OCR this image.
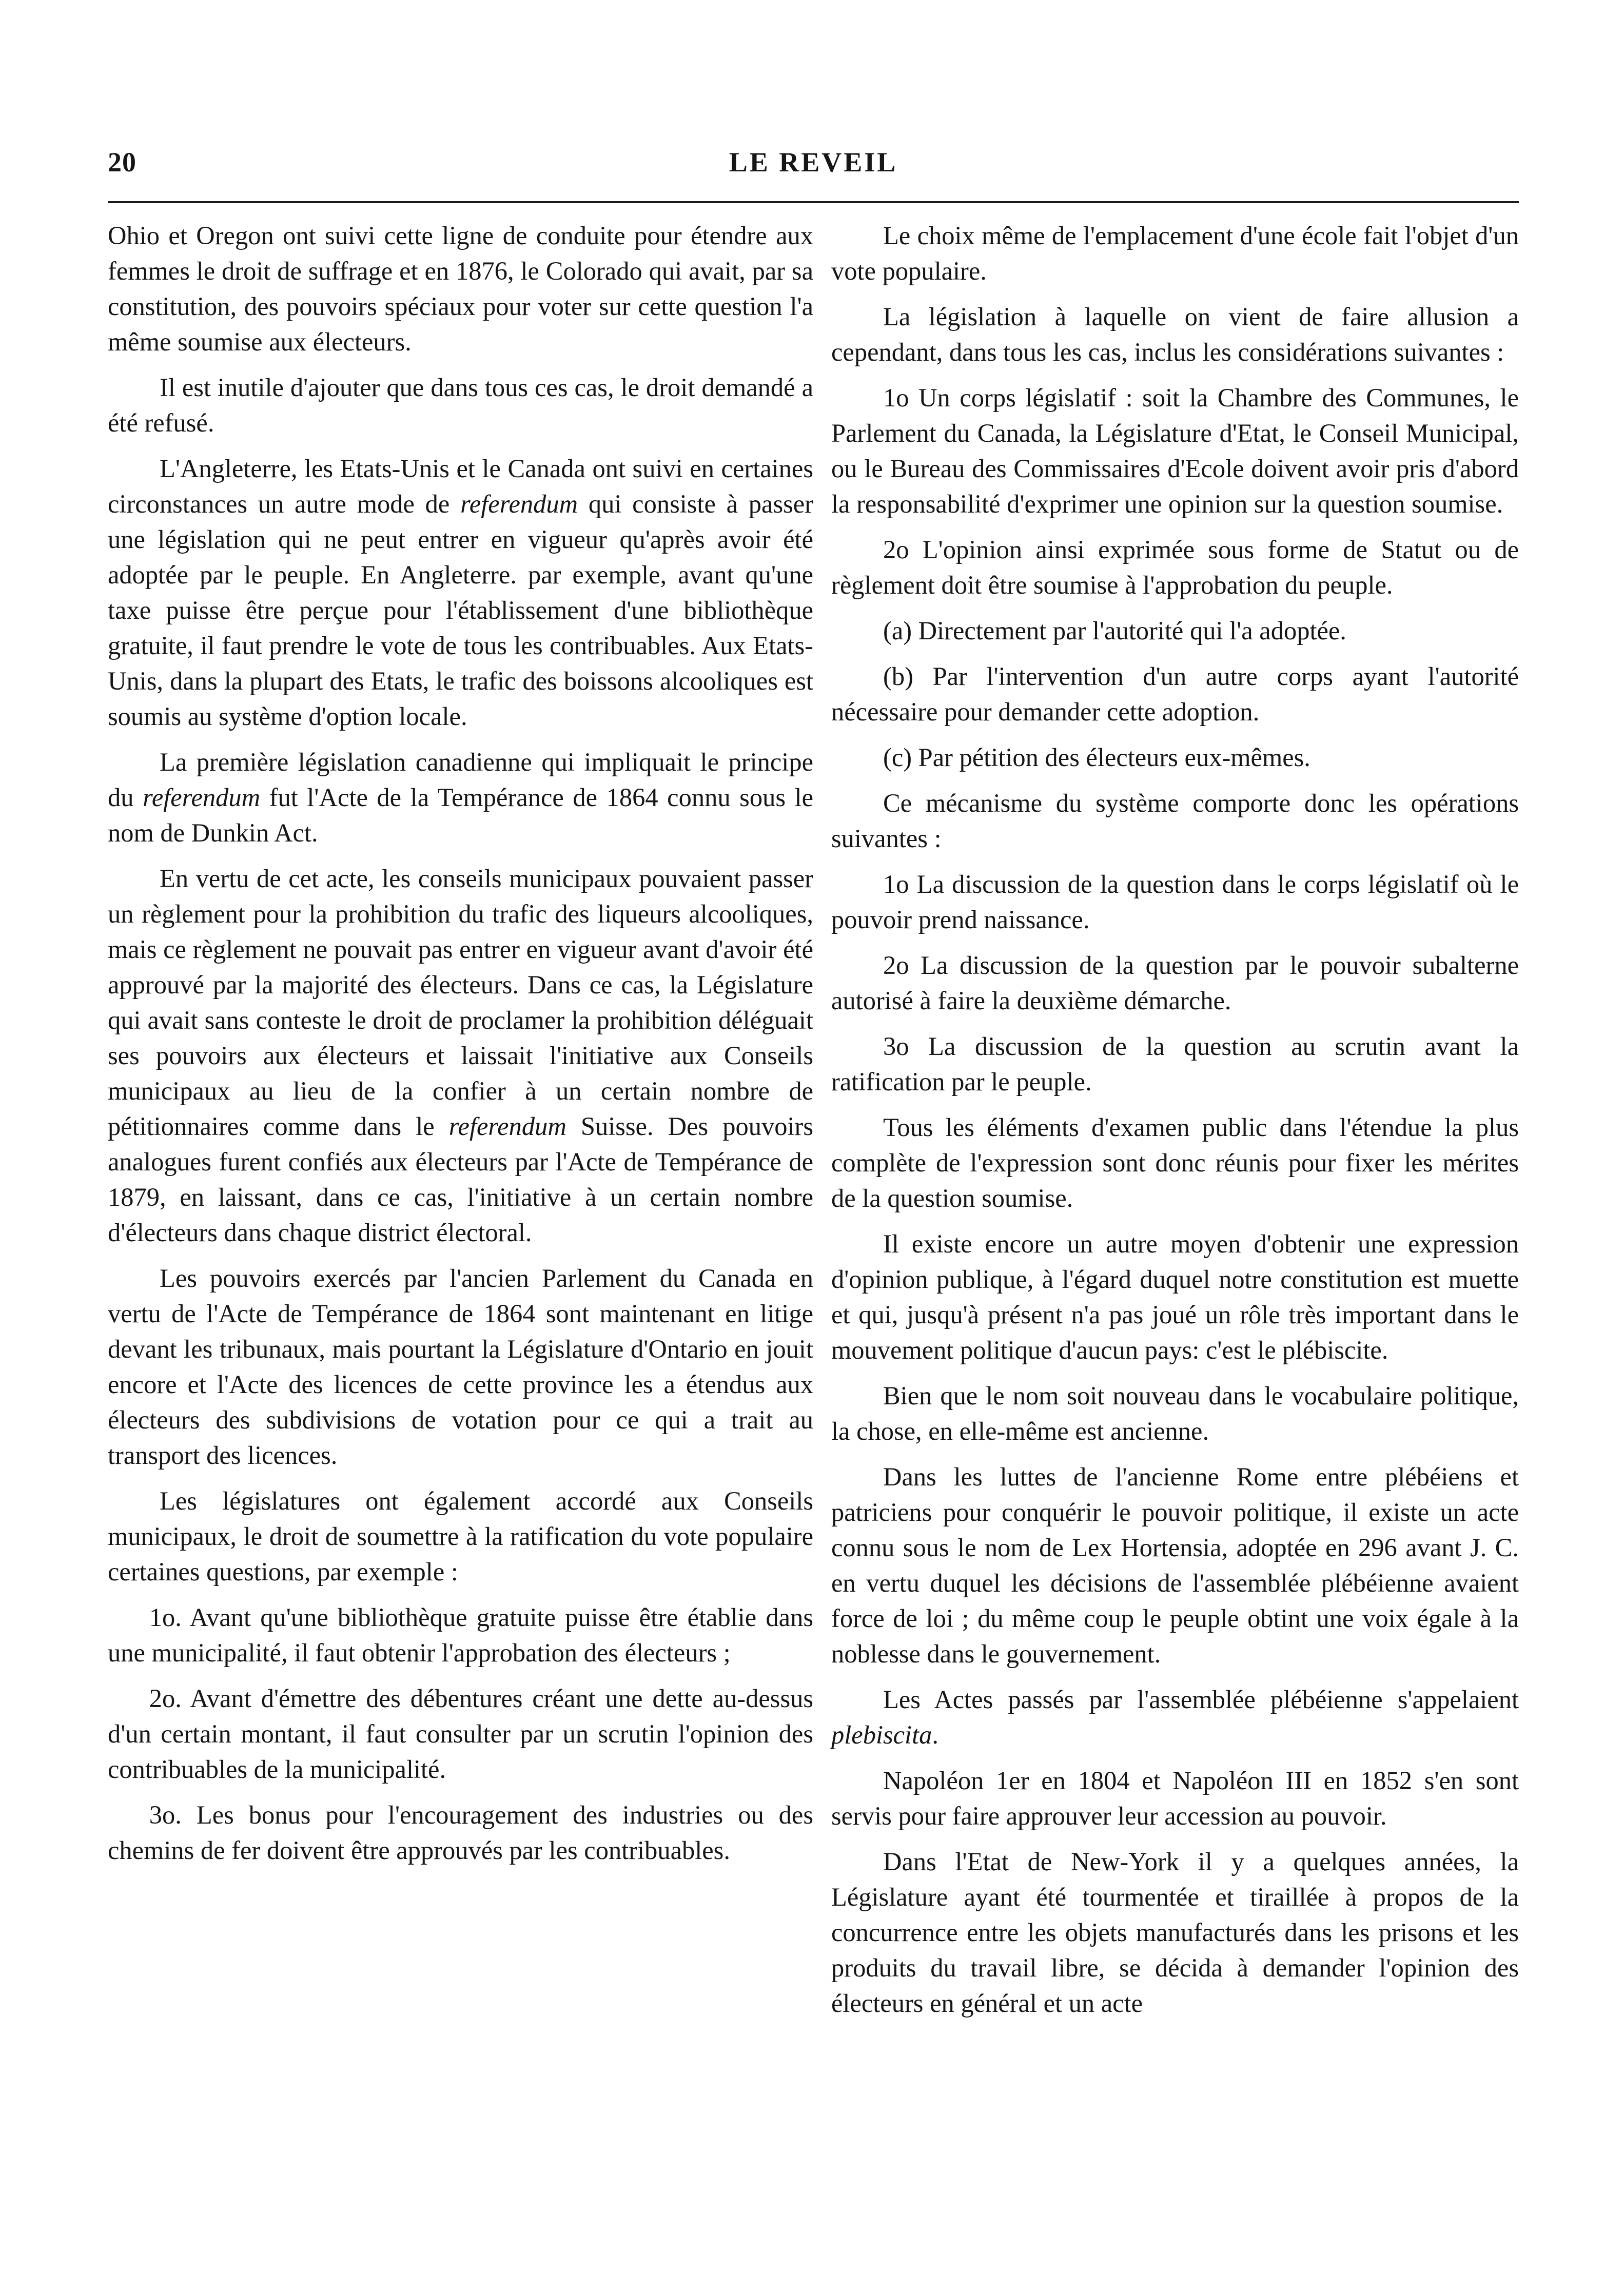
20	LE REVEIL

Ohio et Oregon ont suivi cette ligne de conduite pour étendre aux femmes le droit de suffrage et en 1876, le Colorado qui avait, par sa constitution, des pouvoirs spéciaux pour voter sur cette question l'a même soumise aux électeurs.

Il est inutile d'ajouter que dans tous ces cas, le droit demandé a été refusé.

L'Angleterre, les Etats-Unis et le Canada ont suivi en certaines circonstances un autre mode de referendum qui consiste à passer une législation qui ne peut entrer en vigueur qu'après avoir été adoptée par le peuple. En Angleterre. par exemple, avant qu'une taxe puisse être perçue pour l'établissement d'une bibliothèque gratuite, il faut prendre le vote de tous les contribuables. Aux Etats-Unis, dans la plupart des Etats, le trafic des boissons alcooliques est soumis au système d'option locale.

La première législation canadienne qui impliquait le principe du referendum fut l'Acte de la Tempérance de 1864 connu sous le nom de Dunkin Act.

En vertu de cet acte, les conseils municipaux pouvaient passer un règlement pour la prohibition du trafic des liqueurs alcooliques, mais ce règlement ne pouvait pas entrer en vigueur avant d'avoir été approuvé par la majorité des électeurs. Dans ce cas, la Législature qui avait sans conteste le droit de proclamer la prohibition déléguait ses pouvoirs aux électeurs et laissait l'initiative aux Conseils municipaux au lieu de la confier à un certain nombre de pétitionnaires comme dans le referendum Suisse. Des pouvoirs analogues furent confiés aux électeurs par l'Acte de Tempérance de 1879, en laissant, dans ce cas, l'initiative à un certain nombre d'électeurs dans chaque district électoral.

Les pouvoirs exercés par l'ancien Parlement du Canada en vertu de l'Acte de Tempérance de 1864 sont maintenant en litige devant les tribunaux, mais pourtant la Législature d'Ontario en jouit encore et l'Acte des licences de cette province les a étendus aux électeurs des subdivisions de votation pour ce qui a trait au transport des licences.

Les législatures ont également accordé aux Conseils municipaux, le droit de soumettre à la ratification du vote populaire certaines questions, par exemple :

1o. Avant qu'une bibliothèque gratuite puisse être établie dans une municipalité, il faut obtenir l'approbation des électeurs ;

2o. Avant d'émettre des débentures créant une dette au-dessus d'un certain montant, il faut consulter par un scrutin l'opinion des contribuables de la municipalité.

3o. Les bonus pour l'encouragement des industries ou des chemins de fer doivent être approuvés par les contribuables.

Le choix même de l'emplacement d'une école fait l'objet d'un vote populaire.

La législation à laquelle on vient de faire allusion a cependant, dans tous les cas, inclus les considérations suivantes :

1o Un corps législatif : soit la Chambre des Communes, le Parlement du Canada, la Législature d'Etat, le Conseil Municipal, ou le Bureau des Commissaires d'Ecole doivent avoir pris d'abord la responsabilité d'exprimer une opinion sur la question soumise.

2o L'opinion ainsi exprimée sous forme de Statut ou de règlement doit être soumise à l'approbation du peuple.

(a) Directement par l'autorité qui l'a adoptée.

(b) Par l'intervention d'un autre corps ayant l'autorité nécessaire pour demander cette adoption.

(c) Par pétition des électeurs eux-mêmes.

Ce mécanisme du système comporte donc les opérations suivantes :

1o La discussion de la question dans le corps législatif où le pouvoir prend naissance.

2o La discussion de la question par le pouvoir subalterne autorisé à faire la deuxième démarche.

3o La discussion de la question au scrutin avant la ratification par le peuple.

Tous les éléments d'examen public dans l'étendue la plus complète de l'expression sont donc réunis pour fixer les mérites de la question soumise.

Il existe encore un autre moyen d'obtenir une expression d'opinion publique, à l'égard duquel notre constitution est muette et qui, jusqu'à présent n'a pas joué un rôle très important dans le mouvement politique d'aucun pays: c'est le plébiscite.

Bien que le nom soit nouveau dans le vocabulaire politique, la chose, en elle-même est ancienne.

Dans les luttes de l'ancienne Rome entre plébéiens et patriciens pour conquérir le pouvoir politique, il existe un acte connu sous le nom de Lex Hortensia, adoptée en 296 avant J. C. en vertu duquel les décisions de l'assemblée plébéienne avaient force de loi ; du même coup le peuple obtint une voix égale à la noblesse dans le gouvernement.

Les Actes passés par l'assemblée plébéienne s'appelaient plebiscita.

Napoléon 1er en 1804 et Napoléon III en 1852 s'en sont servis pour faire approuver leur accession au pouvoir.

Dans l'Etat de New-York il y a quelques années, la Législature ayant été tourmentée et tiraillée à propos de la concurrence entre les objets manufacturés dans les prisons et les produits du travail libre, se décida à demander l'opinion des électeurs en général et un acte
